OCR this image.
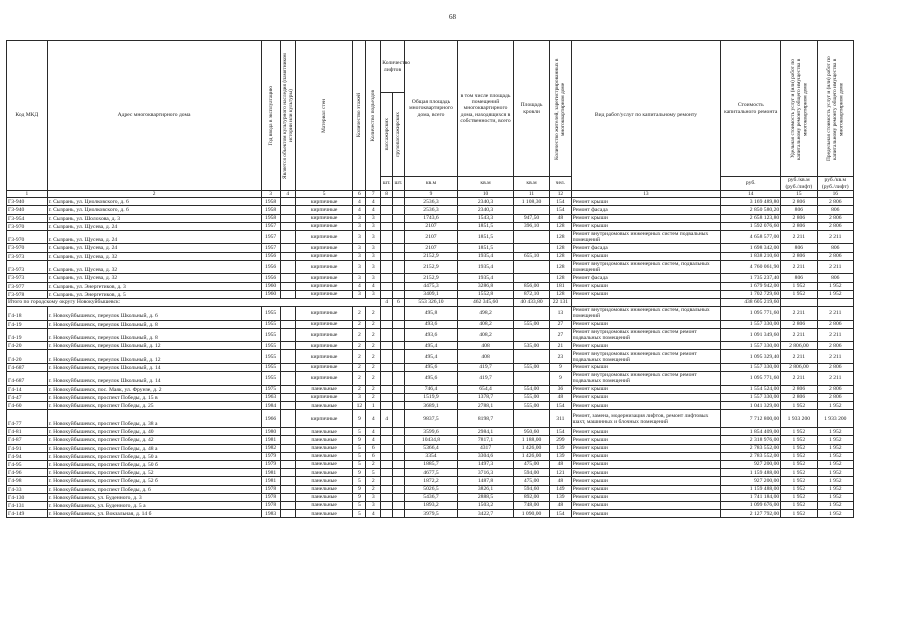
68
Код МКД	Адрес многоквартирного дома	Год ввода в эксплуатацию	Является объектом культурного наследия (памятником истории или культуры)	Материал стен	Количество этажей	Количество подъездов	Количество лифтов		Общая площадь многоквартирного дома, всего	в том числе площадь помещений многоквартирного дома, находящихся в собственности, всего	Площадь кровли	Количество жителей, зарегистрированных в многоквартирном доме	Вид работ/услуг по капитальному ремонту	Стоимость капитального ремонта	Удельная стоимость услуг и (или) работ по капитальному ремонту общего имущества в многоквартирном доме	Предельная стоимость услуг и (или) работ по капитальному ремонту общего имущества в многоквартирном доме

							пассажирских	грузопассажирских								

							шт.	шт.	кв.м	кв.м	кв.м	чел.		руб.	руб./кв.м (руб./лифт)	руб./кв.м (руб./лифт)
1	2	3	4	5	6	7	8		9	10	11	12	13	14	15	16
Г3-940	г. Сызрань, ул. Циолковского, д. 6	1958		кирпичные	4	4			2536,3	2340,3	1 108,30	154	Ремонт крыши	3 169 489,80	2 806	2 806
Г3-940	г. Сызрань, ул. Циолковского, д. 6	1958		кирпичные	4	4			2536,3	2340,3		154	Ремонт фасада	2 850 580,20	806	806
Г3-954	г. Сызрань, ул. Шолохова, д. 3	1958		кирпичные	3	3			1743,6	1543,3	947,50	48	Ремонт крыши	2 658 123,80	2 806	2 806
Г3-970	г. Сызрань, ул. Щусева, д. 24	1957		кирпичные	3	3			2107	1851,5	396,10	128	Ремонт крыши	1 592 076,60	2 806	2 806
Г3-970	г. Сызрань, ул. Щусева, д. 24	1957		кирпичные	3	3			2107	1851,5		128	Ремонт внутридомовых инженерных систем подвальных помещений	4 658 577,00	2 211	2 211
Г3-970	г. Сызрань, ул. Щусева, д. 24	1957		кирпичные	3	3			2107	1851,5		128	Ремонт фасада	1 698 342,00	806	806
Г3-973	г. Сызрань, ул. Щусева, д. 32	1956		кирпичные	3	3			2152,9	1935,4	655,10	128	Ремонт крыши	1 838 210,60	2 806	2 806
Г3-973	г. Сызрань, ул. Щусева, д. 32	1956		кирпичные	3	3			2152,9	1935,4		128	Ремонт внутридомовых инженерных систем, подвальных помещений	4 760 061,90	2 211	2 211
Г3-973	г. Сызрань, ул. Щусева, д. 32	1956		кирпичные	3	3			2152,9	1935,4		128	Ремонт фасада	1 735 237,40	806	806
Г3-977	г. Сызрань, ул. Энергетиков, д. 3	1960		кирпичные	4	4			4475,3	3286,8	856,00	181	Ремонт крыши	1 679 942,00	1 952	1 952
Г3-978	г. Сызрань, ул. Энергетиков, д. 5	1960		кирпичные	3	3			3409,1	1552,8	872,10	128	Ремонт крыши	1 702 729,60	1 952	1 952
Итого по городскому округу Новокуйбышевск:							4	6	553 326,10	462 345,60	40 433,80	22 131		438 605 219,60		
Г4-18	г. Новокуйбышевск, переулок Школьный, д. 6	1955		кирпичные	2	2			495,8	498,2		13	Ремонт внутридомовых инженерных систем, подвальных помещений	1 095 771,60	2 211	2 211
Г4-19	г. Новокуйбышевск, переулок Школьный, д. 8	1955		кирпичные	2	2			493,6	408,2	555,00	27	Ремонт крыши	1 557 330,00	2 806	2 806
Г4-19	г. Новокуйбышевск, переулок Школьный, д. 8	1955		кирпичные	2	2			493,6	408,2		27	Ремонт внутридомовых инженерных систем ремонт подвальных помещений	1 091 349,60	2 211	2 211
Г4-20	г. Новокуйбышевск, переулок Школьный, д. 12	1955		кирпичные	2	2			495,4	408	535,00	21	Ремонт крыши	1 557 330,00	2 806,00	2 806
Г4-20	г. Новокуйбышевск, переулок Школьный, д. 12	1955		кирпичные	2	2			495,4	408		23	Ремонт внутридомовых инженерных систем ремонт подвальных помещений	1 095 329,40	2 211	2 211
Г4-687	г. Новокуйбышевск, переулок Школьный, д. 14	1955		кирпичные	2	2			495,6	419,7	555,00	9	Ремонт крыши	1 557 330,00	2 806,00	2 806
Г4-687	г. Новокуйбышевск, переулок Школьный, д. 14	1955		кирпичные	2	2			495,6	419,7		9	Ремонт внутридомовых инженерных систем ремонт подвальных помещений	1 095 771,60	2 211	2 211
Г4-14	г. Новокуйбышевск, пос. Маяк, ул. Фрунзе, д. 2	1975		панельные	2	2			746,4	654,4	554,00	36	Ремонт крыши	1 554 524,00	2 806	2 806
Г4-47	г. Новокуйбышевск, проспект Победы, д. 15 в	1963		кирпичные	3	2			1519,9	1378,7	555,00	48	Ремонт крыши	1 557 330,00	2 806	2 806
Г4-60	г. Новокуйбышевск, проспект Победы, д. 25	1984		панельные	12	1			3689,1	2788,1	555,00	154	Ремонт крыши	1 041 329,00	1 952	1 952
Г4-77	г. Новокуйбышевск, проспект Победы, д. 38 а	1966		кирпичные	9	4	4		9837,5	8198,7		311	Ремонт, замена, модернизация лифтов, ремонт лифтовых шахт, машинных и блочных помещений	7 712 800,00	1 933 200	1 933 200
Г4-81	г. Новокуйбышевск, проспект Победы, д. 40	1980		панельные	5	4			3599,6	2984,1	950,60	154	Ремонт крыши	1 854 409,00	1 952	1 952
Г4-87	г. Новокуйбышевск, проспект Победы, д. 42	1981		панельные	9	4			10434,8	7817,1	1 188,00	299	Ремонт крыши	2 318 976,00	1 952	1 952
Г4-91	г. Новокуйбышевск, проспект Победы, д. 48 а	1982		панельные	5	6			5366,4	4317	1 426,00	139	Ремонт крыши	2 783 552,00	1 952	1 952
Г4-94	г. Новокуйбышевск, проспект Победы, д. 50 а	1979		панельные	5	6			3354	3304,6	1 426,00	139	Ремонт крыши	2 783 552,00	1 952	1 952
Г4-95	г. Новокуйбышевск, проспект Победы, д. 50 б	1979		панельные	5	2			1885,7	1497,3	475,00	48	Ремонт крыши	927 200,00	1 952	1 952
Г4-96	г. Новокуйбышевск, проспект Победы, д. 52	1981		панельные	9	5			4677,5	3716,3	594,00	121	Ремонт крыши	1 159 488,00	1 952	1 952
Г4-98	г. Новокуйбышевск, проспект Победы, д. 52 б	1981		панельные	5	2			1872,2	1487,8	475,00	48	Ремонт крыши	927 200,00	1 952	1 952
Г4-33	г. Новокуйбышевск, проспект Победы, д. 6	1978		панельные	9	2			5026,5	3826,1	594,60	149	Ремонт крыши	1 159 488,00	1 952	1 952
Г4-130	г. Новокуйбышевск, ул. Буденного, д. 3	1978		панельные	9	3			5436,7	2888,5	892,00	139	Ремонт крыши	1 741 184,00	1 952	1 952
Г4-131	г. Новокуйбышевск, ул. Буденного, д. 5 а	1978		панельные	5	3			1893,2	1503,2	748,00	48	Ремонт крыши	1 099 676,00	1 952	1 952
Г4-149	г. Новокуйбышевск, ул. Вокзальная, д. 14 б	1983		панельные	5	4			3979,5	3422,7	1 090,00	154	Ремонт крыши	2 127 792,00	1 952	1 952
